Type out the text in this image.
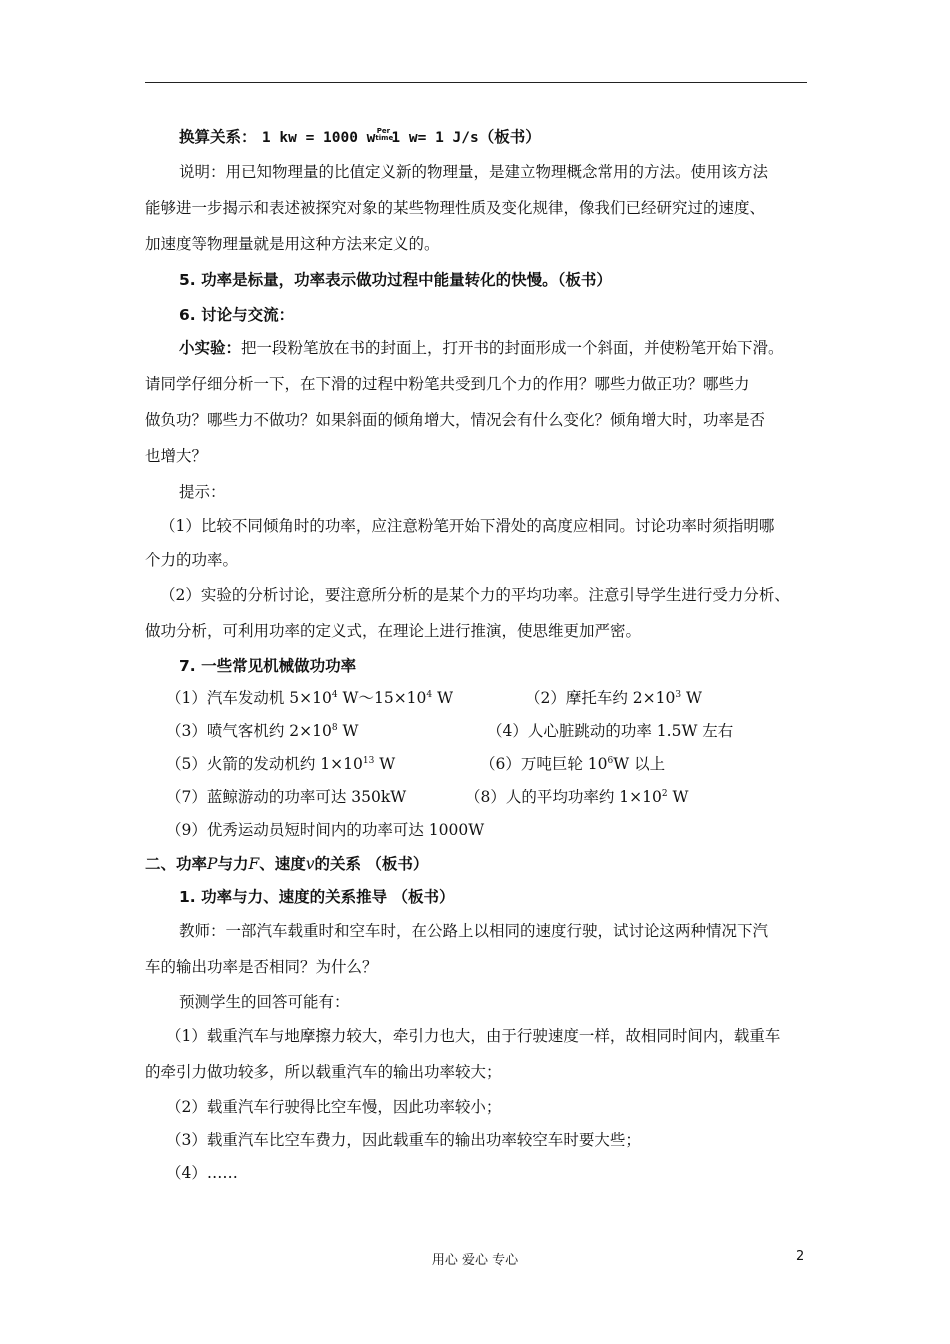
换算关系： 1 kw = 1000 w Per
time
1 w= 1 J/s（板书）
说明：用已知物理量的比值定义新的物理量，是建立物理概念常用的方法。使用该方法
能够进一步揭示和表述被探究对象的某些物理性质及变化规律，像我们已经研究过的速度、
加速度等物理量就是用这种方法来定义的。
5. 功率是标量，功率表示做功过程中能量转化的快慢。（板书）
6. 讨论与交流：
小实验：把一段粉笔放在书的封面上，打开书的封面形成一个斜面，并使粉笔开始下滑。
请同学仔细分析一下，在下滑的过程中粉笔共受到几个力的作用？哪些力做正功？哪些力
做负功？哪些力不做功？如果斜面的倾角增大，情况会有什么变化？倾角增大时，功率是否
也增大？
提示：
（1）比较不同倾角时的功率，应注意粉笔开始下滑处的高度应相同。讨论功率时须指明哪
个力的功率。
（2）实验的分析讨论，要注意所分析的是某个力的平均功率。注意引导学生进行受力分析、
做功分析，可利用功率的定义式，在理论上进行推演，使思维更加严密。
7. 一些常见机械做功功率
（1）汽车发动机 $5\times 10^4$ $W\sim 15\times 10^4$ W	（2）摩托车约 $2\times 10^3$ W
（3）喷气客机约 $2\times 10^8$ W	（4）人心脏跳动的功率 1.5W 左右
（5）火箭的发动机约 $1\times 10^{13}$ W	（6）万吨巨轮 $10^6W$ 以上
（7）蓝鲸游动的功率可达 350kW	（8）人的平均功率约 $1\times 10^2$ W
（9）优秀运动员短时间内的功率可达 1000W
二、功率P与力F、速度v的关系 （板书）
1. 功率与力、速度的关系推导 （板书）
教师：一部汽车载重时和空车时，在公路上以相同的速度行驶，试讨论这两种情况下汽
车的输出功率是否相同？为什么？
预测学生的回答可能有：
（1）载重汽车与地摩擦力较大，牵引力也大，由于行驶速度一样，故相同时间内，载重车
的牵引力做功较多，所以载重汽车的输出功率较大；
（2）载重汽车行驶得比空车慢，因此功率较小；
（3）载重汽车比空车费力，因此载重车的输出功率较空车时要大些；
（4）……
用心 爱心 专心	2
